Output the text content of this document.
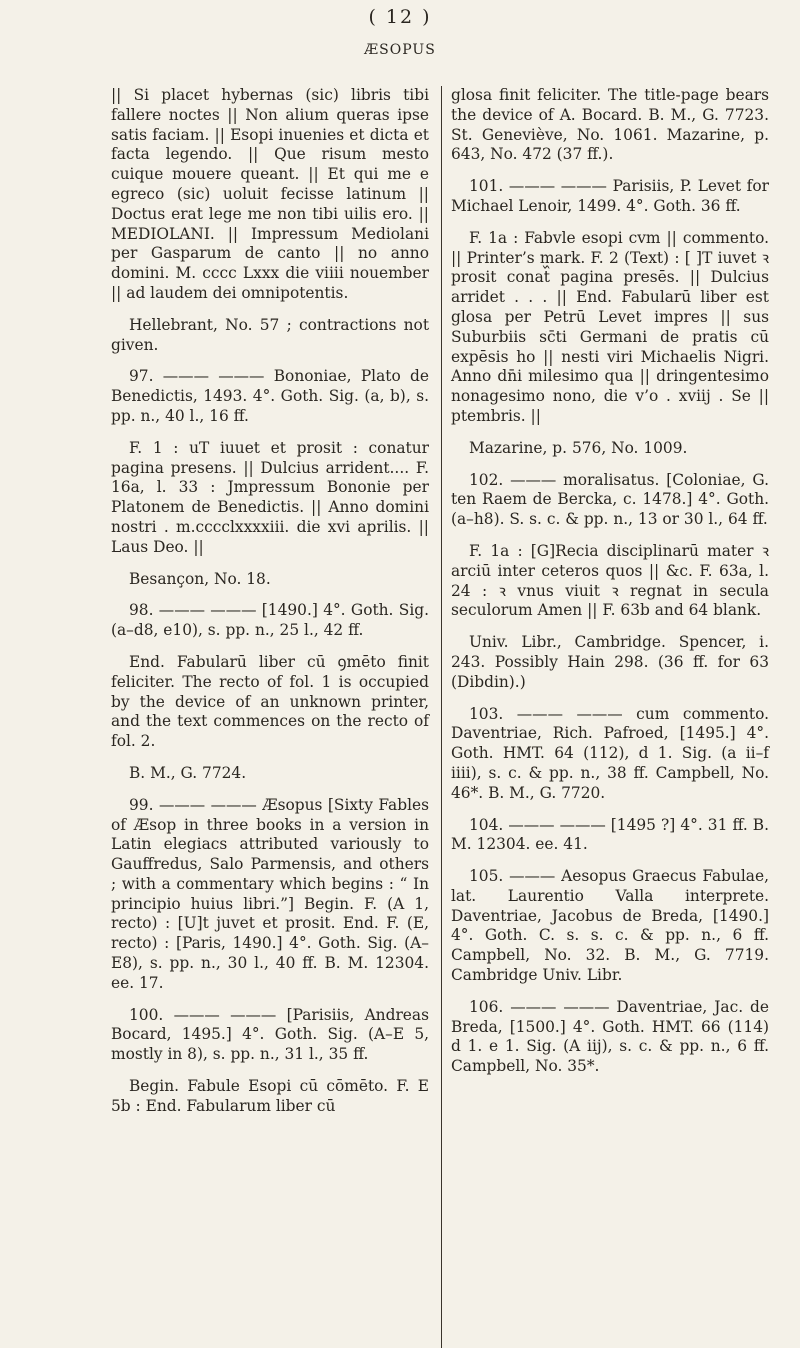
( 12 )
ÆSOPUS

|| Si placet hybernas (sic) libris tibi fallere noctes || Non alium queras ipse satis faciam. || Esopi inuenies et dicta et facta legendo. || Que risum mesto cuique mouere queant. || Et qui me e egreco (sic) uoluit fecisse latinum || Doctus erat lege me non tibi uilis ero. || MEDIOLANI. || Impressum Mediolani per Gasparum de canto || no anno domini. M. cccc Lxxx die viiii nouember || ad laudem dei omnipotentis.

Hellebrant, No. 57 ; contractions not given.

97. ——— ——— Bononiae, Plato de Benedictis, 1493. 4°. Goth. Sig. (a, b), s. pp. n., 40 l., 16 ff.

F. 1 : uT iuuet et prosit : conatur pagina presens. || Dulcius arrident.... F. 16a, l. 33 : Jmpressum Bononie per Platonem de Benedictis. || Anno domini nostri . m.cccclxxxxiii. die xvi aprilis. || Laus Deo. ||

Besançon, No. 18.

98. ——— ——— [1490.] 4°. Goth. Sig. (a–d8, e10), s. pp. n., 25 l., 42 ff.

End. Fabularū liber cū ꝯmēto finit feliciter. The recto of fol. 1 is occupied by the device of an unknown printer, and the text commences on the recto of fol. 2.

B. M., G. 7724.

99. ——— ——— Æsopus [Sixty Fables of Æsop in three books in a version in Latin elegiacs attributed variously to Gauffredus, Salo Parmensis, and others ; with a commentary which begins : “ In principio huius libri.”] Begin. F. (A 1, recto) : [U]t juvet et prosit. End. F. (E, recto) : [Paris, 1490.] 4°. Goth. Sig. (A–E8), s. pp. n., 30 l., 40 ff. B. M. 12304. ee. 17.

100. ——— ——— [Parisiis, Andreas Bocard, 1495.] 4°. Goth. Sig. (A–E 5, mostly in 8), s. pp. n., 31 l., 35 ff.

Begin. Fabule Esopi cū cōmēto. F. E 5b : End. Fabularum liber cū

glosa finit feliciter. The title-page bears the device of A. Bocard. B. M., G. 7723. St. Geneviève, No. 1061. Mazarine, p. 643, No. 472 (37 ff.).

101. ——— ——— Parisiis, P. Levet for Michael Lenoir, 1499. 4°. Goth. 36 ff.

F. 1a : Fabvle esopi cvm || commento. || Printer’s mark. F. 2 (Text) : [ ]T iuvet ꝛ prosit conat᷈ pagina presēs. || Dulcius arridet . . . || End. Fabularū liber est glosa per Petrū Levet impres || sus Suburbiis sc̄ti Germani de pratis cū expēsis ho || nesti viri Michaelis Nigri. Anno dn̄i milesimo qua || dringentesimo nonagesimo nono, die v’o . xviij . Se || ptembris. ||

Mazarine, p. 576, No. 1009.

102. ——— moralisatus. [Coloniae, G. ten Raem de Bercka, c. 1478.] 4°. Goth. (a–h8). S. s. c. & pp. n., 13 or 30 l., 64 ff.

F. 1a : [G]Recia disciplinarū mater ꝛ arciū inter ceteros quos || &c. F. 63a, l. 24 : ꝛ vnus viuit ꝛ regnat in secula seculorum Amen || F. 63b and 64 blank.

Univ. Libr., Cambridge. Spencer, i. 243. Possibly Hain 298. (36 ff. for 63 (Dibdin).)

103. ——— ——— cum commento. Daventriae, Rich. Pafroed, [1495.] 4°. Goth. HMT. 64 (112), d 1. Sig. (a ii–f iiii), s. c. & pp. n., 38 ff. Campbell, No. 46*. B. M., G. 7720.

104. ——— ——— [1495 ?] 4°. 31 ff. B. M. 12304. ee. 41.

105. ——— Aesopus Graecus Fabulae, lat. Laurentio Valla interprete. Daventriae, Jacobus de Breda, [1490.] 4°. Goth. C. s. s. c. & pp. n., 6 ff. Campbell, No. 32. B. M., G. 7719. Cambridge Univ. Libr.

106. ——— ——— Daventriae, Jac. de Breda, [1500.] 4°. Goth. HMT. 66 (114) d 1. e 1. Sig. (A iij), s. c. & pp. n., 6 ff. Campbell, No. 35*.
